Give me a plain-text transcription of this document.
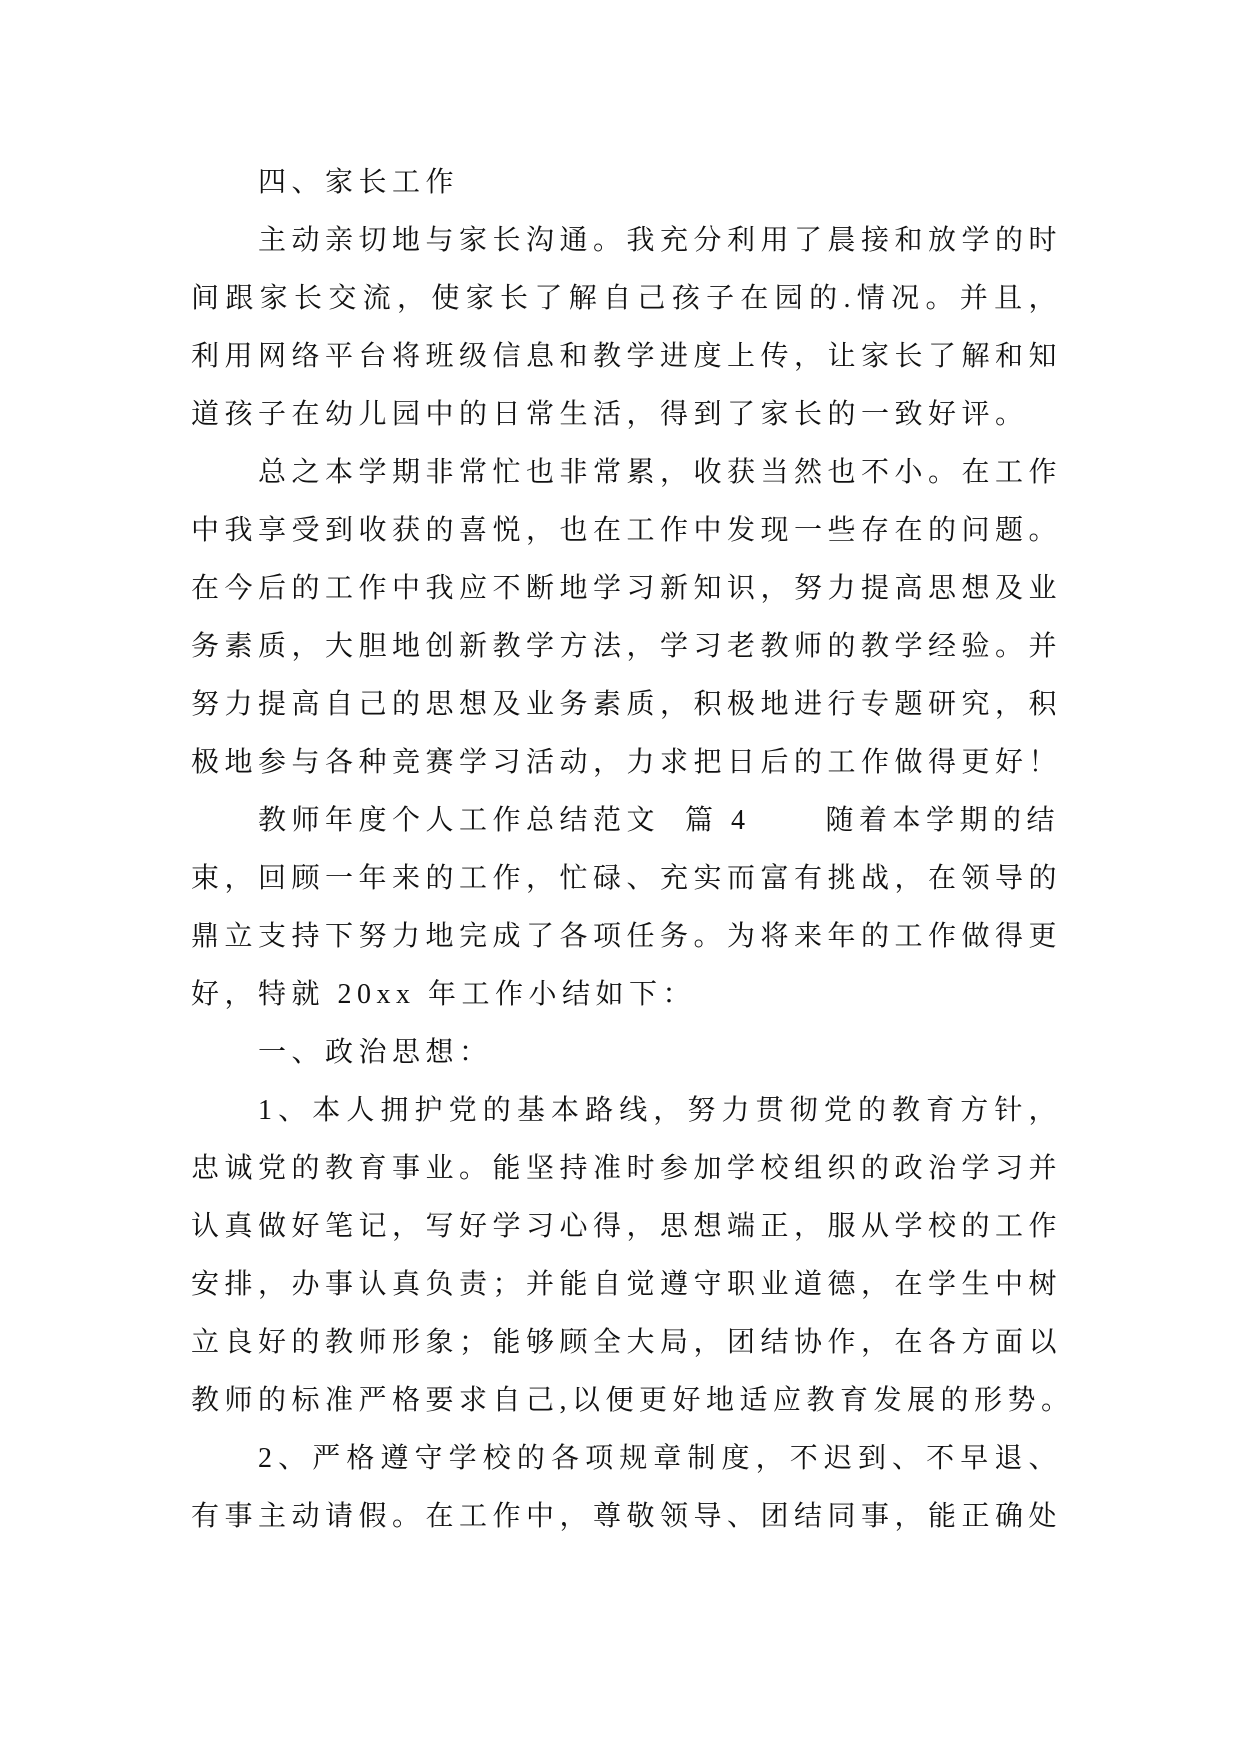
四、家长工作
主动亲切地与家长沟通。我充分利用了晨接和放学的时
间跟家长交流，使家长了解自己孩子在园的.情况。并且，
利用网络平台将班级信息和教学进度上传，让家长了解和知
道孩子在幼儿园中的日常生活，得到了家长的一致好评。
总之本学期非常忙也非常累，收获当然也不小。在工作
中我享受到收获的喜悦，也在工作中发现一些存在的问题。
在今后的工作中我应不断地学习新知识，努力提高思想及业
务素质，大胆地创新教学方法，学习老教师的教学经验。并
努力提高自己的思想及业务素质，积极地进行专题研究，积
极地参与各种竞赛学习活动，力求把日后的工作做得更好！
教师年度个人工作总结范文  篇 4      随着本学期的结
束，回顾一年来的工作，忙碌、充实而富有挑战，在领导的
鼎立支持下努力地完成了各项任务。为将来年的工作做得更
好，特就 20xx 年工作小结如下：
一、政治思想：
1、本人拥护党的基本路线，努力贯彻党的教育方针，
忠诚党的教育事业。能坚持准时参加学校组织的政治学习并
认真做好笔记，写好学习心得，思想端正，服从学校的工作
安排，办事认真负责；并能自觉遵守职业道德，在学生中树
立良好的教师形象；能够顾全大局，团结协作，在各方面以
教师的标准严格要求自己,以便更好地适应教育发展的形势。
2、严格遵守学校的各项规章制度，不迟到、不早退、
有事主动请假。在工作中，尊敬领导、团结同事，能正确处
